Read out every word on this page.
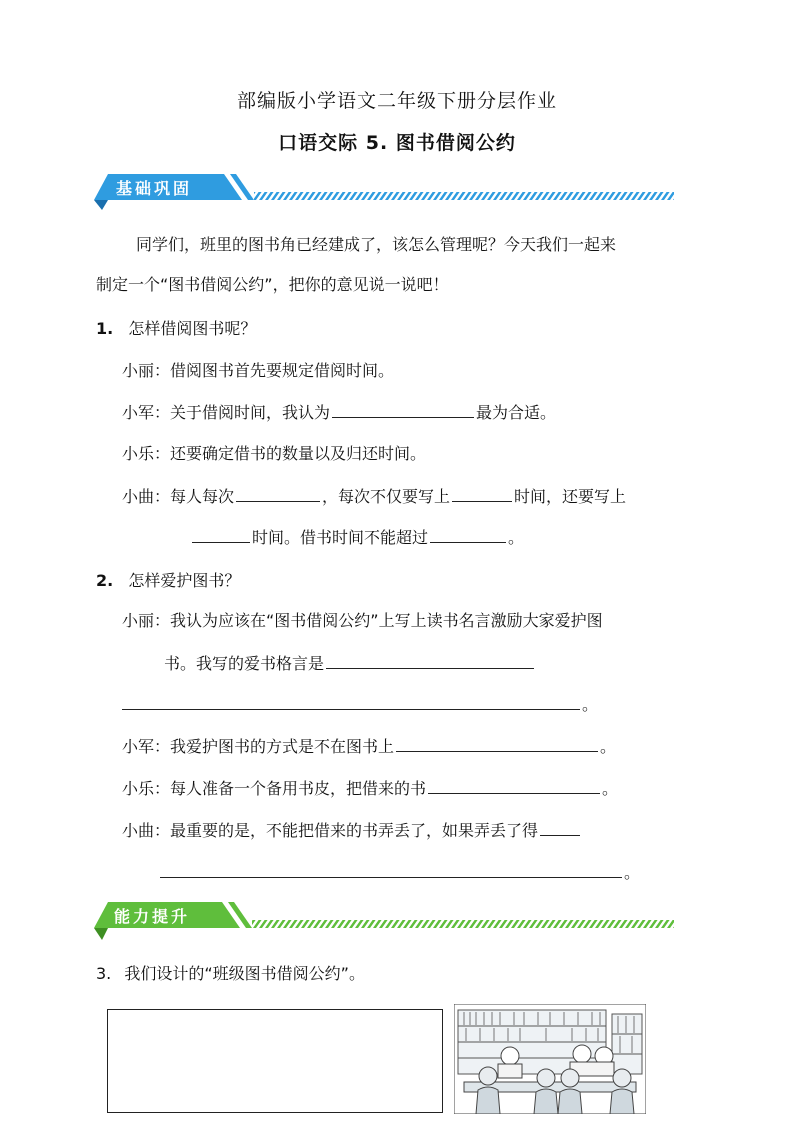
部编版小学语文二年级下册分层作业
口语交际 5. 图书借阅公约
基础巩固
同学们，班里的图书角已经建成了，该怎么管理呢？今天我们一起来
制定一个“图书借阅公约”，把你的意见说一说吧！
1. 怎样借阅图书呢？
小丽：借阅图书首先要规定借阅时间。
小军：关于借阅时间，我认为	最为合适。
小乐：还要确定借书的数量以及归还时间。
小曲：每人每次	，每次不仅要写上	时间，还要写上
时间。借书时间不能超过	。
2. 怎样爱护图书？
小丽：我认为应该在“图书借阅公约”上写上读书名言激励大家爱护图
书。我写的爱书格言是
。
小军：我爱护图书的方式是不在图书上	。
小乐：每人准备一个备用书皮，把借来的书	。
小曲：最重要的是，不能把借来的书弄丢了，如果弄丢了得
。
能力提升
3. 我们设计的“班级图书借阅公约”。
